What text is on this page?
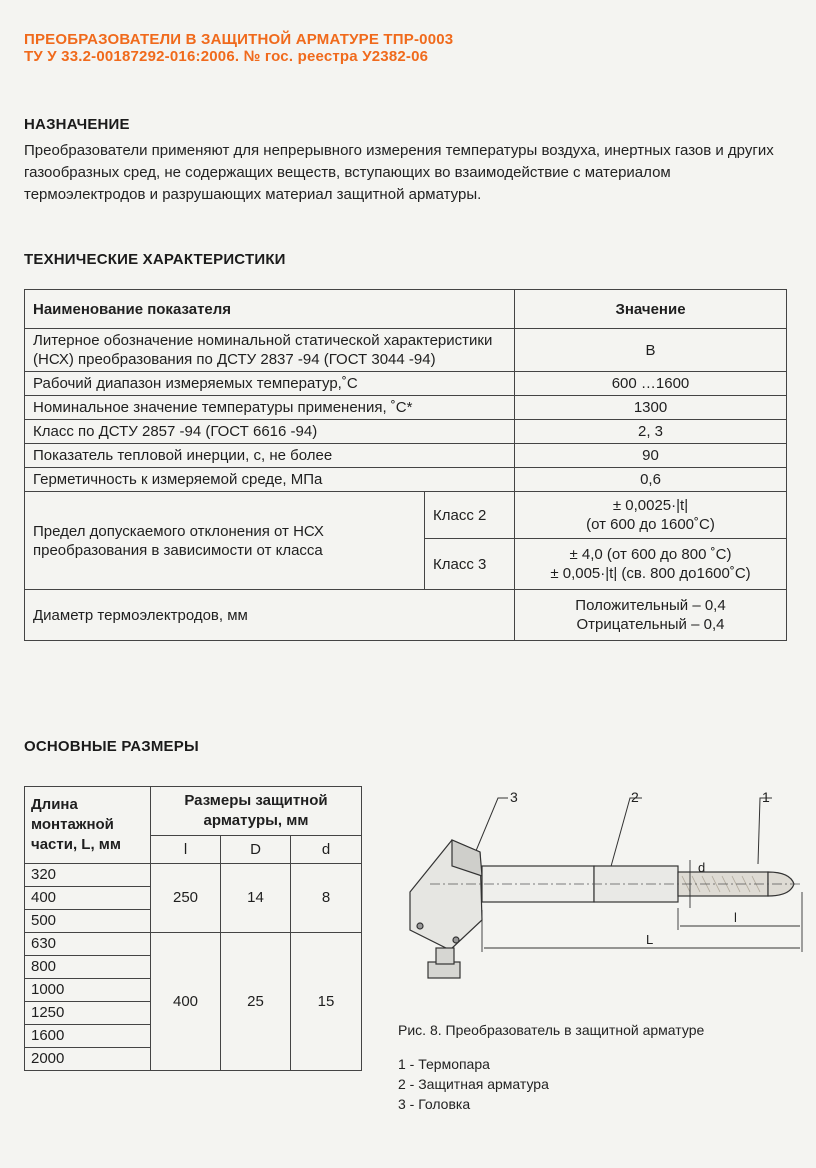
ПРЕОБРАЗОВАТЕЛИ В ЗАЩИТНОЙ АРМАТУРЕ ТПР-0003
ТУ У 33.2-00187292-016:2006. № гос. реестра У2382-06
НАЗНАЧЕНИЕ
Преобразователи применяют для непрерывного измерения температуры воздуха, инертных газов и других газообразных сред, не содержащих веществ, вступающих во взаимодействие с материалом термоэлектродов и разрушающих материал защитной арматуры.
ТЕХНИЧЕСКИЕ ХАРАКТЕРИСТИКИ
Наименование показателя		Значение
Литерное обозначение номинальной статической характеристики (НСХ) преобразования по ДСТУ 2837 -94 (ГОСТ 3044 -94)		В
Рабочий диапазон измеряемых температур,˚С		600 …1600
Номинальное значение температуры применения, ˚С*		1300
Класс по ДСТУ 2857 -94 (ГОСТ 6616 -94)		2, 3
Показатель тепловой инерции, с, не более		90
Герметичность к измеряемой среде, МПа		0,6
Предел допускаемого отклонения от НСХ преобразования в зависимости от класса	Класс 2	± 0,0025·|t|
(от 600 до 1600˚С)

	Класс 3	± 4,0 (от 600 до 800 ˚С)
± 0,005·|t| (св. 800 до1600˚С)

Диаметр термоэлектродов, мм		Положительный – 0,4
Отрицательный – 0,4
ОСНОВНЫЕ РАЗМЕРЫ
Длина монтажной части, L, мм	Размеры защитной арматуры, мм		
	l	D	d
320	250	14	8
400			
500			
630	400	25	15
800			
1000			
1250			
1600			
2000			
3	2	1
d
l
L
Рис. 8. Преобразователь в защитной арматуре
1 - Термопара
2 - Защитная арматура
3 - Головка
